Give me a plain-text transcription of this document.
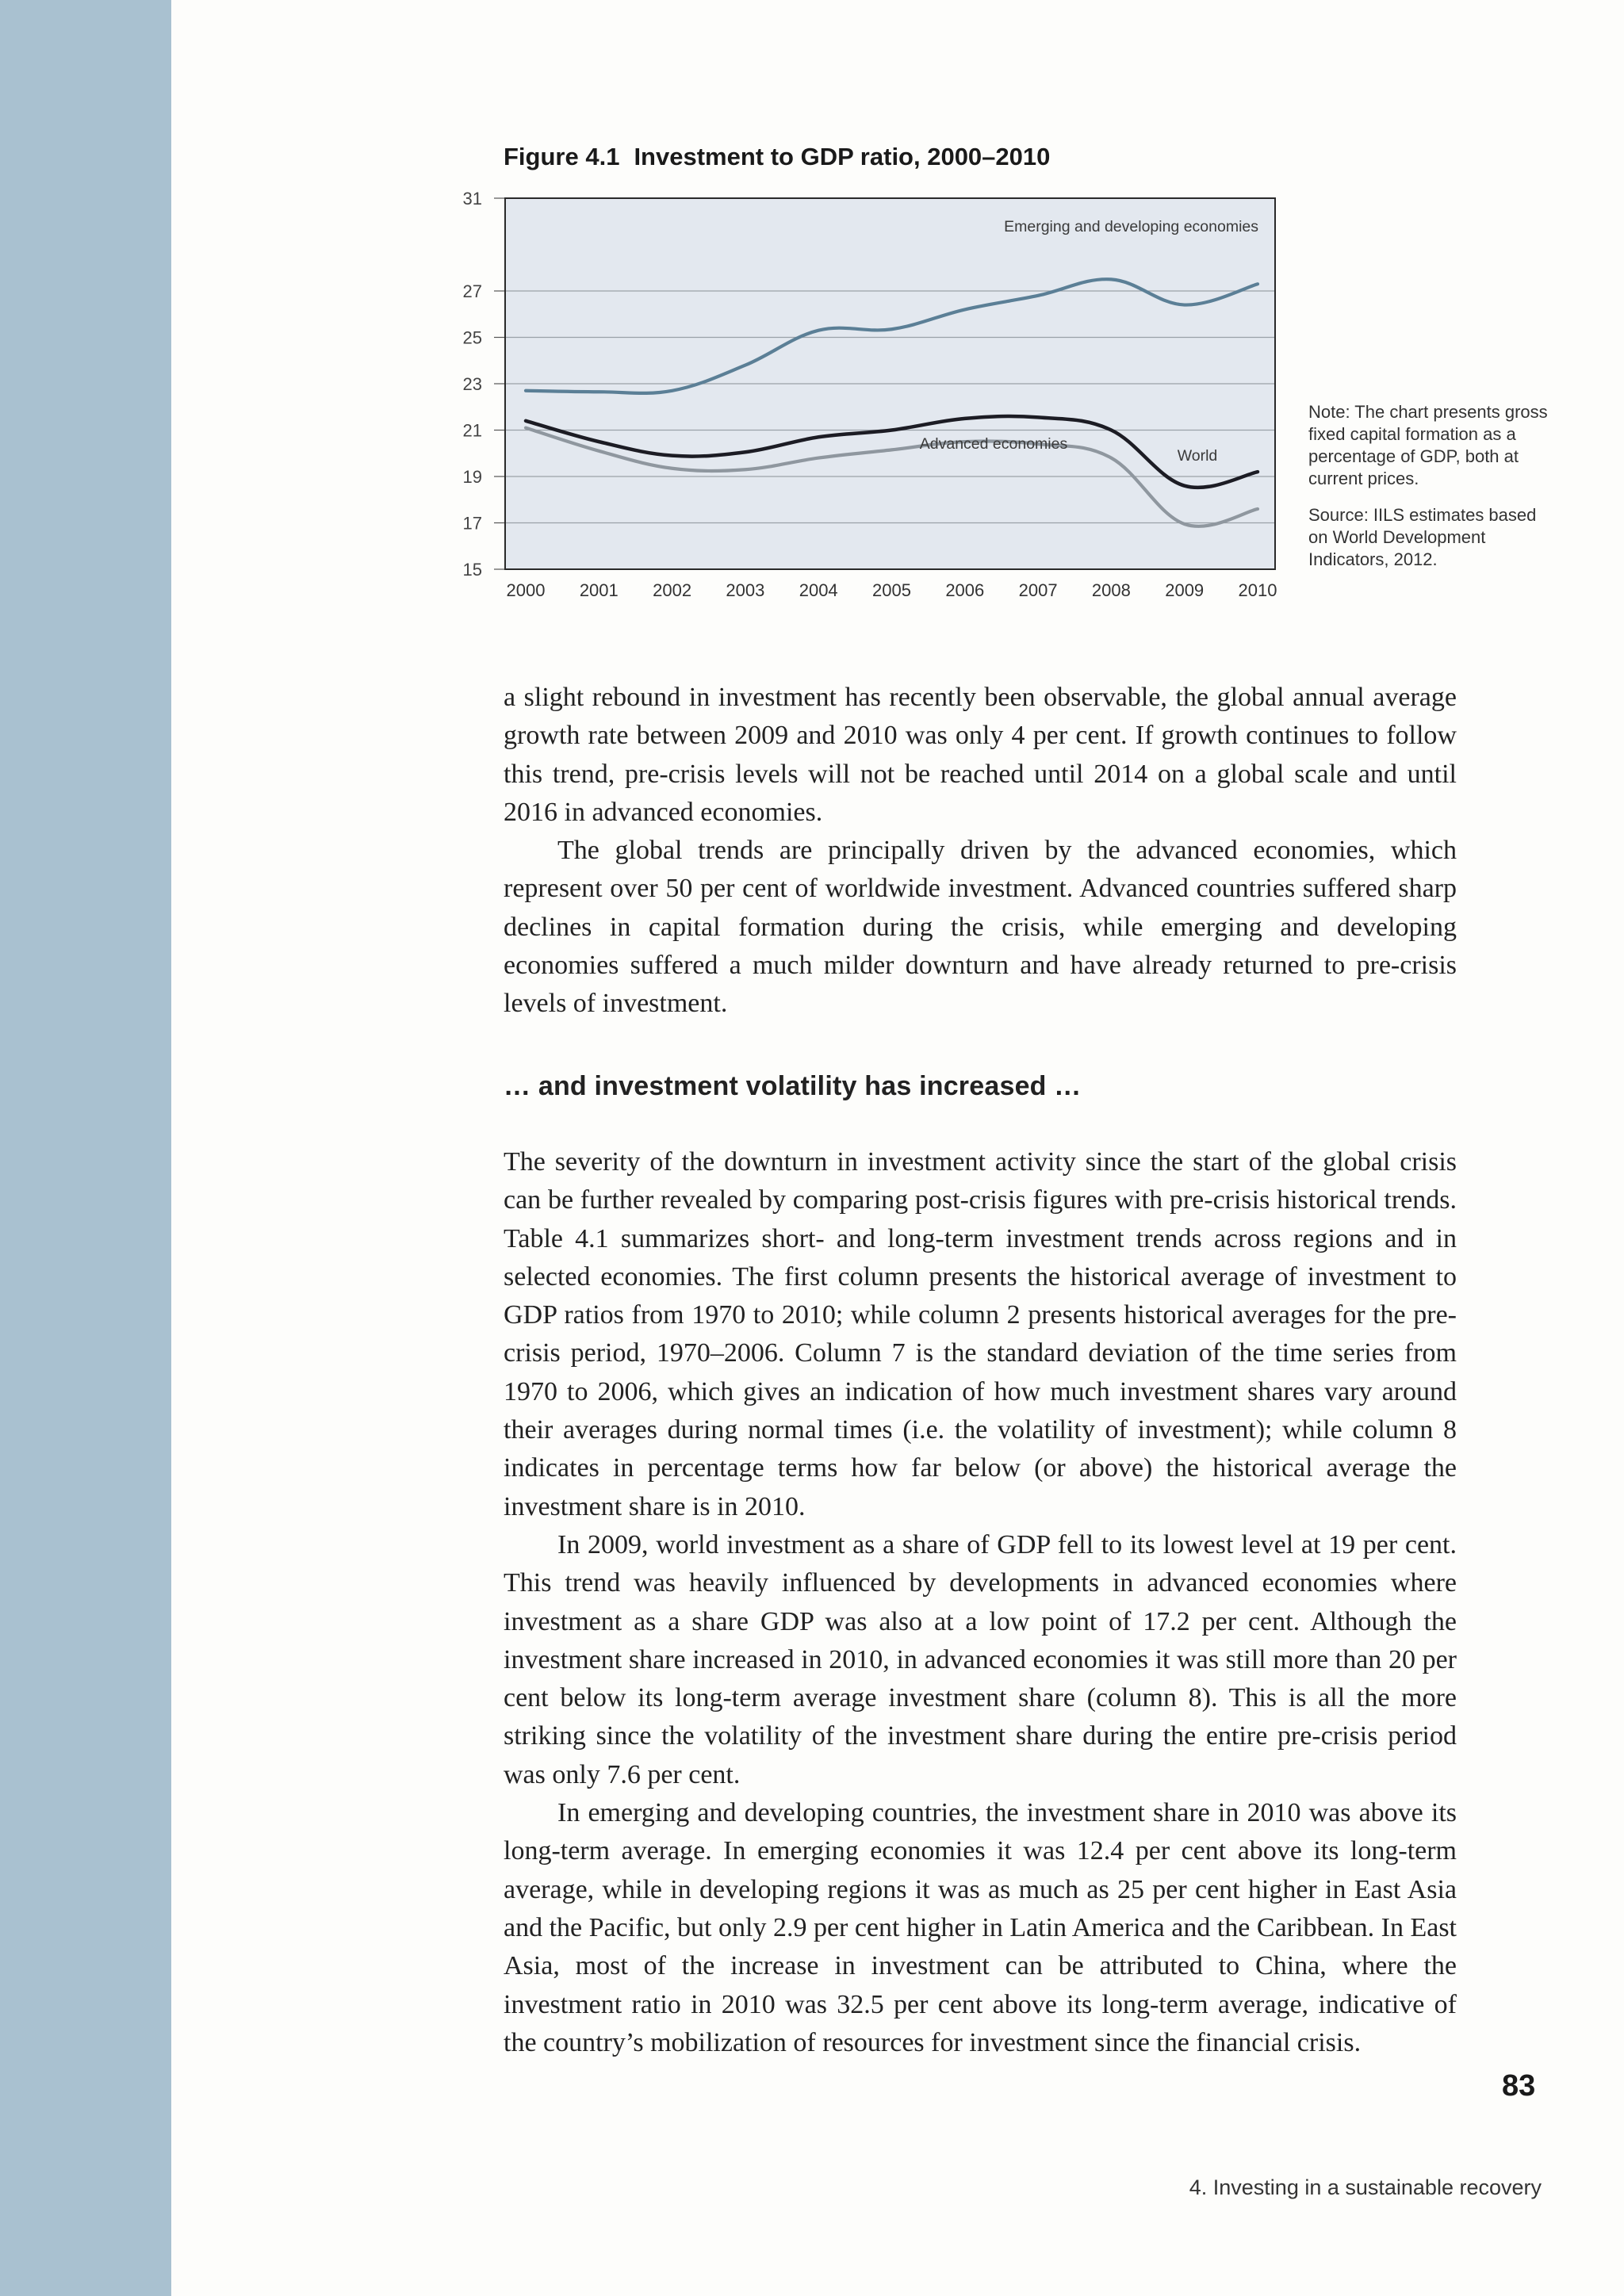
Figure 4.1 Investment to GDP ratio, 2000–2010
31
27
25
23
21
19
17
15
2000 2001 2002 2003 2004 2005 2006 2007 2008 2009 2010
Emerging and developing economies
World
Advanced economies

Note: The chart presents gross fixed capital formation as a percentage of GDP, both at current prices.

Source: IILS estimates based on World Development Indicators, 2012.

a slight rebound in investment has recently been observable, the global annual average growth rate between 2009 and 2010 was only 4 per cent. If growth continues to follow this trend, pre-crisis levels will not be reached until 2014 on a global scale and until 2016 in advanced economies.

The global trends are principally driven by the advanced economies, which represent over 50 per cent of worldwide investment. Advanced countries suffered sharp declines in capital formation during the crisis, while emerging and developing economies suffered a much milder downturn and have already returned to pre-crisis levels of investment.

… and investment volatility has increased …

The severity of the downturn in investment activity since the start of the global crisis can be further revealed by comparing post-crisis figures with pre-crisis historical trends. Table 4.1 summarizes short- and long-term investment trends across regions and in selected economies. The first column presents the historical average of investment to GDP ratios from 1970 to 2010; while column 2 presents historical averages for the pre-crisis period, 1970–2006. Column 7 is the standard deviation of the time series from 1970 to 2006, which gives an indication of how much investment shares vary around their averages during normal times (i.e. the volatility of investment); while column 8 indicates in percentage terms how far below (or above) the historical average the investment share is in 2010.

In 2009, world investment as a share of GDP fell to its lowest level at 19 per cent. This trend was heavily influenced by developments in advanced economies where investment as a share GDP was also at a low point of 17.2 per cent. Although the investment share increased in 2010, in advanced economies it was still more than 20 per cent below its long-term average investment share (column 8). This is all the more striking since the volatility of the investment share during the entire pre-crisis period was only 7.6 per cent.

In emerging and developing countries, the investment share in 2010 was above its long-term average. In emerging economies it was 12.4 per cent above its long-term average, while in developing regions it was as much as 25 per cent higher in East Asia and the Pacific, but only 2.9 per cent higher in Latin America and the Caribbean. In East Asia, most of the increase in investment can be attributed to China, where the investment ratio in 2010 was 32.5 per cent above its long-term average, indicative of the country’s mobilization of resources for investment since the financial crisis.

83
4. Investing in a sustainable recovery
